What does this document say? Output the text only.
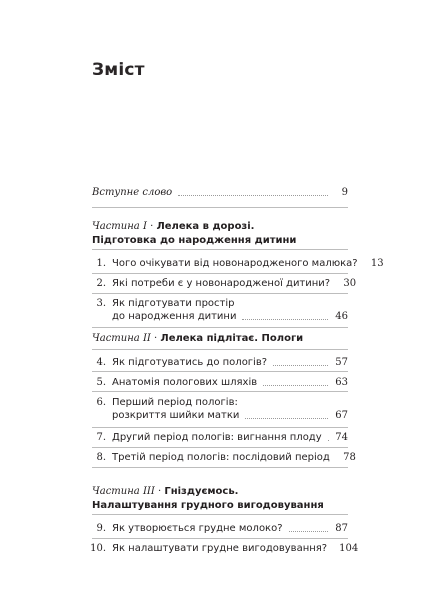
Зміст
Вступне слово	9
Частина I · Лелека в дорозі.
Підготовка до народження дитини
1. Чого очікувати від новонародженого малюка? 13
2. Які потреби є у новонародженої дитини? 30
3. Як підготувати простір
до народження дитини	46
Частина II · Лелека підлітає. Пологи
4. Як підготуватись до пологів?	57
5. Анатомія пологових шляхів	63
6. Перший період пологів:
розкриття шийки матки	67
7. Другий період пологів: вигнання плоду 74
8. Третій період пологів: послідовий період 78
Частина III · Гніздуємось.
Налаштування грудного вигодовування
9. Як утворюється грудне молоко?	87
10. Як налаштувати грудне вигодовування? 104
